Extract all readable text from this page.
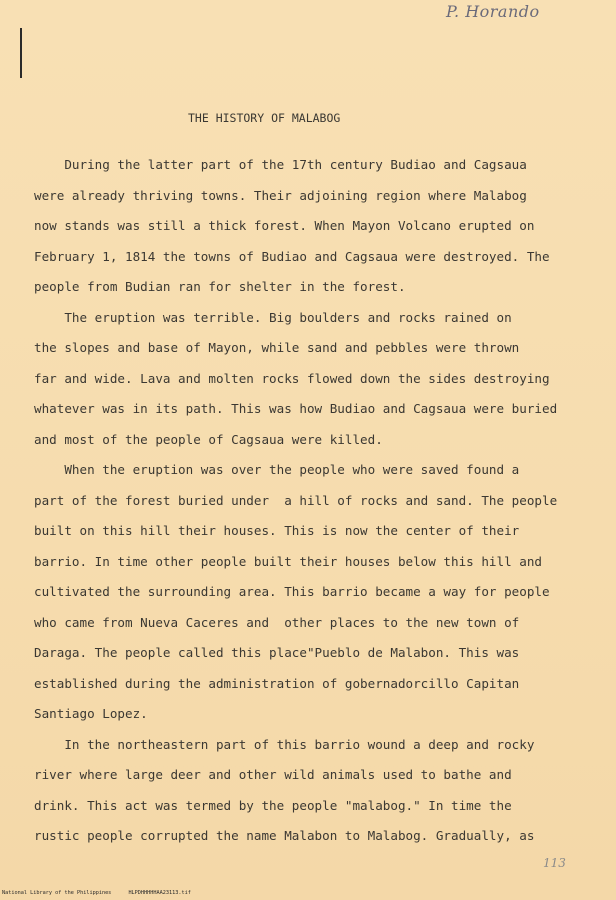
P. Horando
THE HISTORY OF MALABOG

During the latter part of the 17th century Budiao and Cagsaua

were already thriving towns. Their adjoining region where Malabog

now stands was still a thick forest. When Mayon Volcano erupted on

February 1, 1814 the towns of Budiao and Cagsaua were destroyed. The

people from Budian ran for shelter in the forest.

The eruption was terrible. Big boulders and rocks rained on

the slopes and base of Mayon, while sand and pebbles were thrown

far and wide. Lava and molten rocks flowed down the sides destroying

whatever was in its path. This was how Budiao and Cagsaua were buried

and most of the people of Cagsaua were killed.

When the eruption was over the people who were saved found a

part of the forest buried under  a hill of rocks and sand. The people

built on this hill their houses. This is now the center of their

barrio. In time other people built their houses below this hill and

cultivated the surrounding area. This barrio became a way for people

who came from Nueva Caceres and  other places to the new town of

Daraga. The people called this place"Pueblo de Malabon. This was

established during the administration of gobernadorcillo Capitan

Santiago Lopez.

In the northeastern part of this barrio wound a deep and rocky

river where large deer and other wild animals used to bathe and

drink. This act was termed by the people "malabog." In time the

rustic people corrupted the name Malabon to Malabog. Gradually, as

113
National Library of the Philippines	HLPDHHHHHAA23113.tif
